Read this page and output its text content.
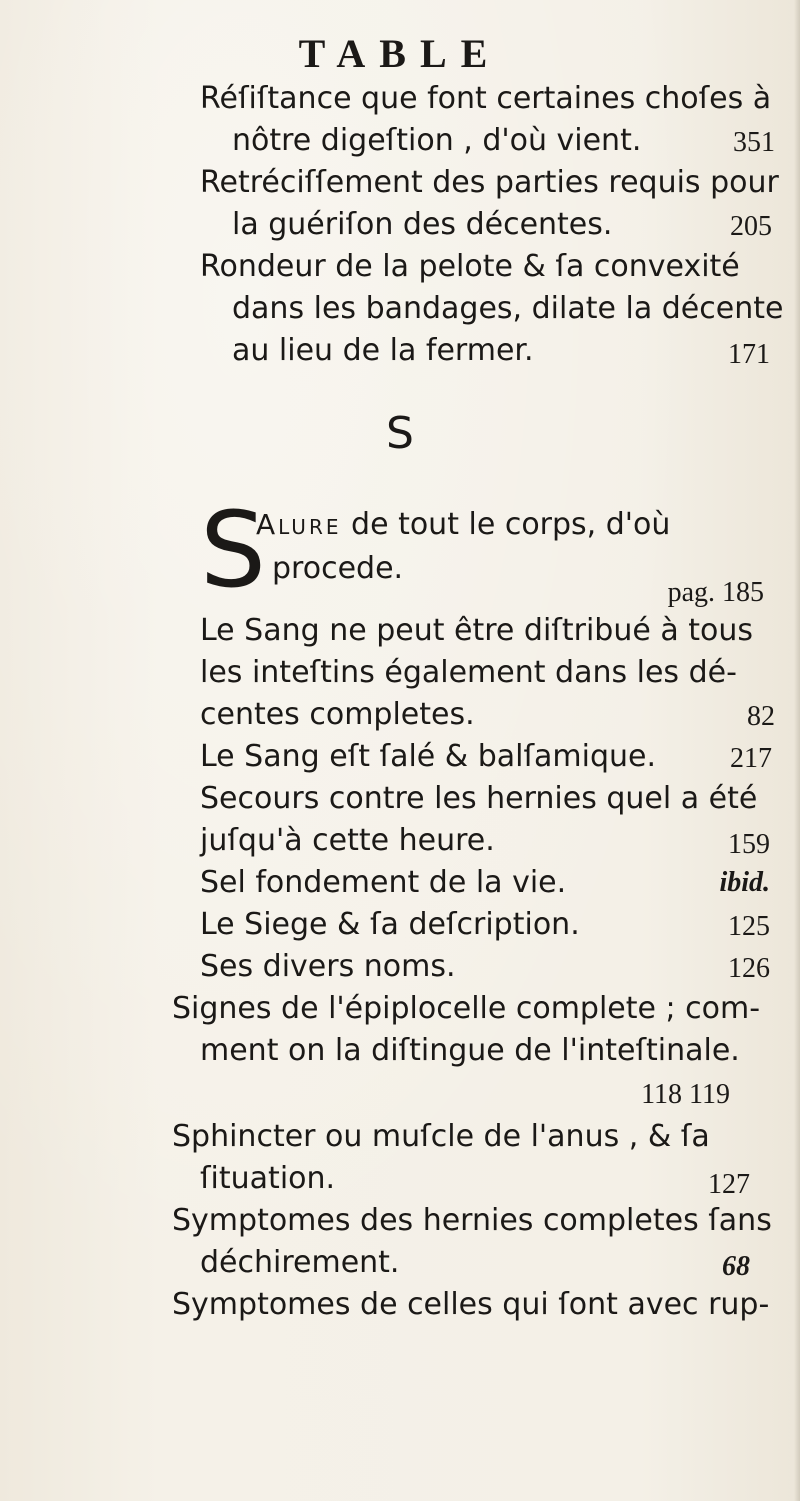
TABLE
Réſiſtance que font certaines choſes à
nôtre digeſtion , d'où vient.	351
Retréciſſement des parties requis pour
la guériſon des décentes.	205
Rondeur de la pelote & ſa convexité
dans les bandages, dilate la décente
au lieu de la fermer.	171
S
S
Alure de tout le corps, d'où
procede.
pag. 185
Le Sang ne peut être diſtribué à tous
les inteſtins également dans les dé-
centes completes.	82
Le Sang eſt ſalé & balſamique.	217
Secours contre les hernies quel a été
juſqu'à cette heure.	159
Sel fondement de la vie.	ibid.
Le Siege & ſa deſcription.	125
Ses divers noms.	126
Signes de l'épiplocelle complete ; com-
ment on la diſtingue de l'inteſtinale.
118 119
Sphincter ou muſcle de l'anus , & ſa
ſituation.	127
Symptomes des hernies completes ſans
déchirement.	68
Symptomes de celles qui ſont avec rup-
